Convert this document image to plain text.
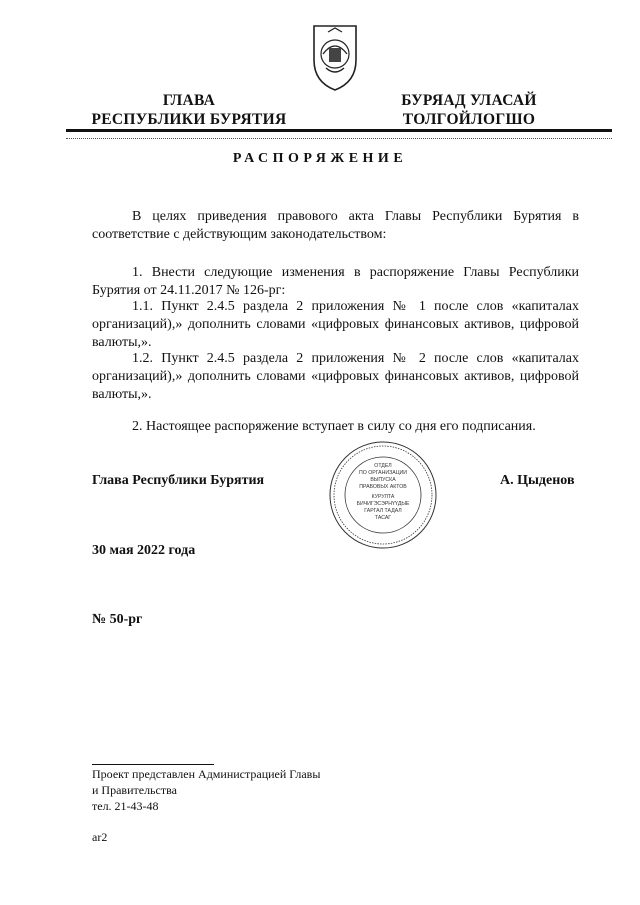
ГЛАВА
РЕСПУБЛИКИ БУРЯТИЯ
БУРЯАД УЛАСАЙ
ТОЛГОЙЛОГШО
РАСПОРЯЖЕНИЕ
В целях приведения правового акта Главы Республики Бурятия в соответствие с действующим законодательством:
1. Внести следующие изменения в распоряжение Главы Республики Бурятия от 24.11.2017 № 126-рг:
1.1. Пункт 2.4.5 раздела 2 приложения № 1 после слов «капиталах организаций),» дополнить словами «цифровых финансовых активов, цифровой валюты,».
1.2. Пункт 2.4.5 раздела 2 приложения № 2 после слов «капиталах организаций),» дополнить словами «цифровых финансовых активов, цифровой валюты,».
2. Настоящее распоряжение вступает в силу со дня его подписания.
Глава Республики Бурятия
ОТДЕЛ
ПО ОРГАНИЗАЦИИ
ВЫПУСКА
ПРАВОВЫХ АКТОВ
КУРУЛТА
БИЧИГЭСЭРНҮҮДЫЕ
ГАРГАЛ ТАДАЛ
ТАСАГ
А. Цыденов
30 мая 2022 года
№ 50-рг
Проект представлен Администрацией Главы
и Правительства
тел. 21-43-48
ar2
